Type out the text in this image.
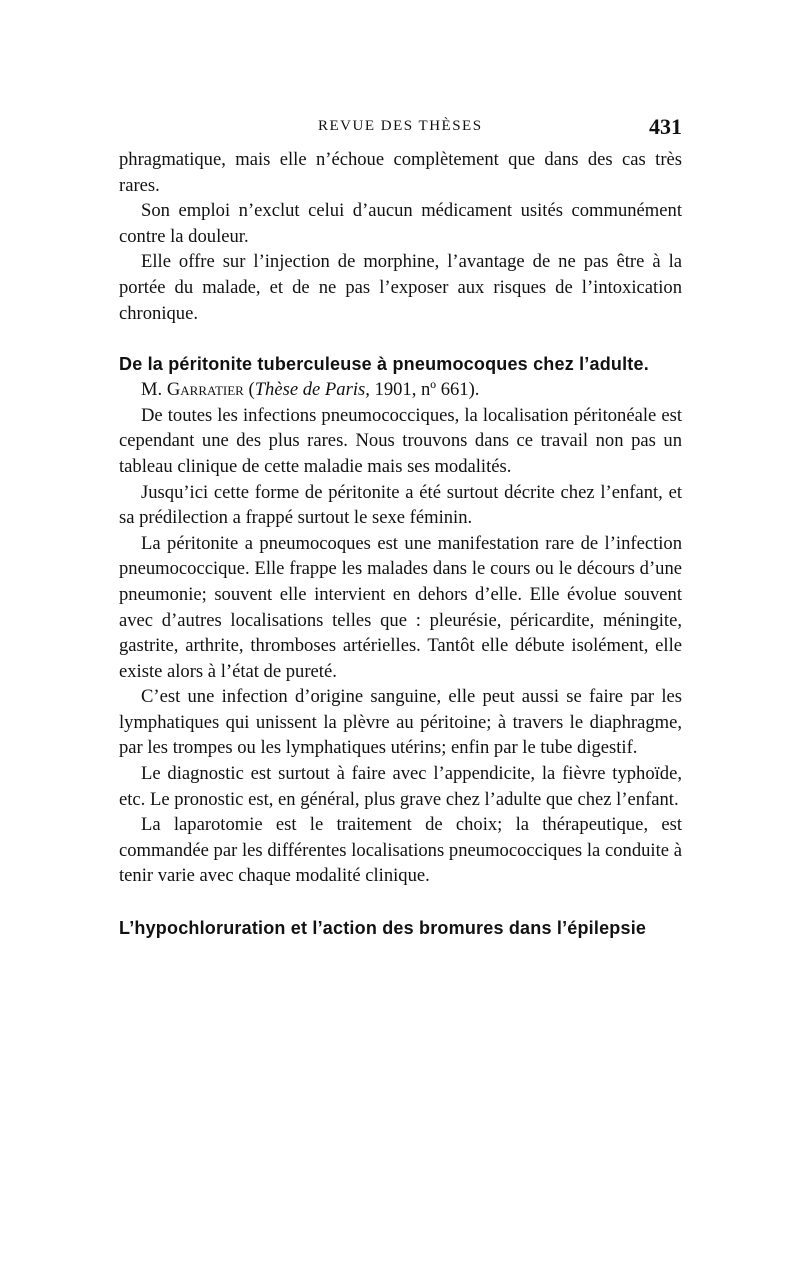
REVUE DES THÈSES	431

phragmatique, mais elle n’échoue complètement que dans des cas très rares.

Son emploi n’exclut celui d’aucun médicament usités communément contre la douleur.

Elle offre sur l’injection de morphine, l’avantage de ne pas être à la portée du malade, et de ne pas l’exposer aux risques de l’intoxication chronique.

De la péritonite tuberculeuse à pneumocoques chez l’adulte.

M. Garratier (Thèse de Paris, 1901, nº 661).

De toutes les infections pneumococciques, la localisation péritonéale est cependant une des plus rares. Nous trouvons dans ce travail non pas un tableau clinique de cette maladie mais ses modalités.

Jusqu’ici cette forme de péritonite a été surtout décrite chez l’enfant, et sa prédilection a frappé surtout le sexe féminin.

La péritonite a pneumocoques est une manifestation rare de l’infection pneumococcique. Elle frappe les malades dans le cours ou le décours d’une pneumonie; souvent elle intervient en dehors d’elle. Elle évolue souvent avec d’autres localisations telles que : pleurésie, péricardite, méningite, gastrite, arthrite, thromboses artérielles. Tantôt elle débute isolément, elle existe alors à l’état de pureté.

C’est une infection d’origine sanguine, elle peut aussi se faire par les lymphatiques qui unissent la plèvre au péritoine; à travers le diaphragme, par les trompes ou les lymphatiques utérins; enfin par le tube digestif.

Le diagnostic est surtout à faire avec l’appendicite, la fièvre typhoïde, etc. Le pronostic est, en général, plus grave chez l’adulte que chez l’enfant.

La laparotomie est le traitement de choix; la thérapeutique, est commandée par les différentes localisations pneumococciques la conduite à tenir varie avec chaque modalité clinique.

L’hypochloruration et l’action des bromures dans l’épilepsie
